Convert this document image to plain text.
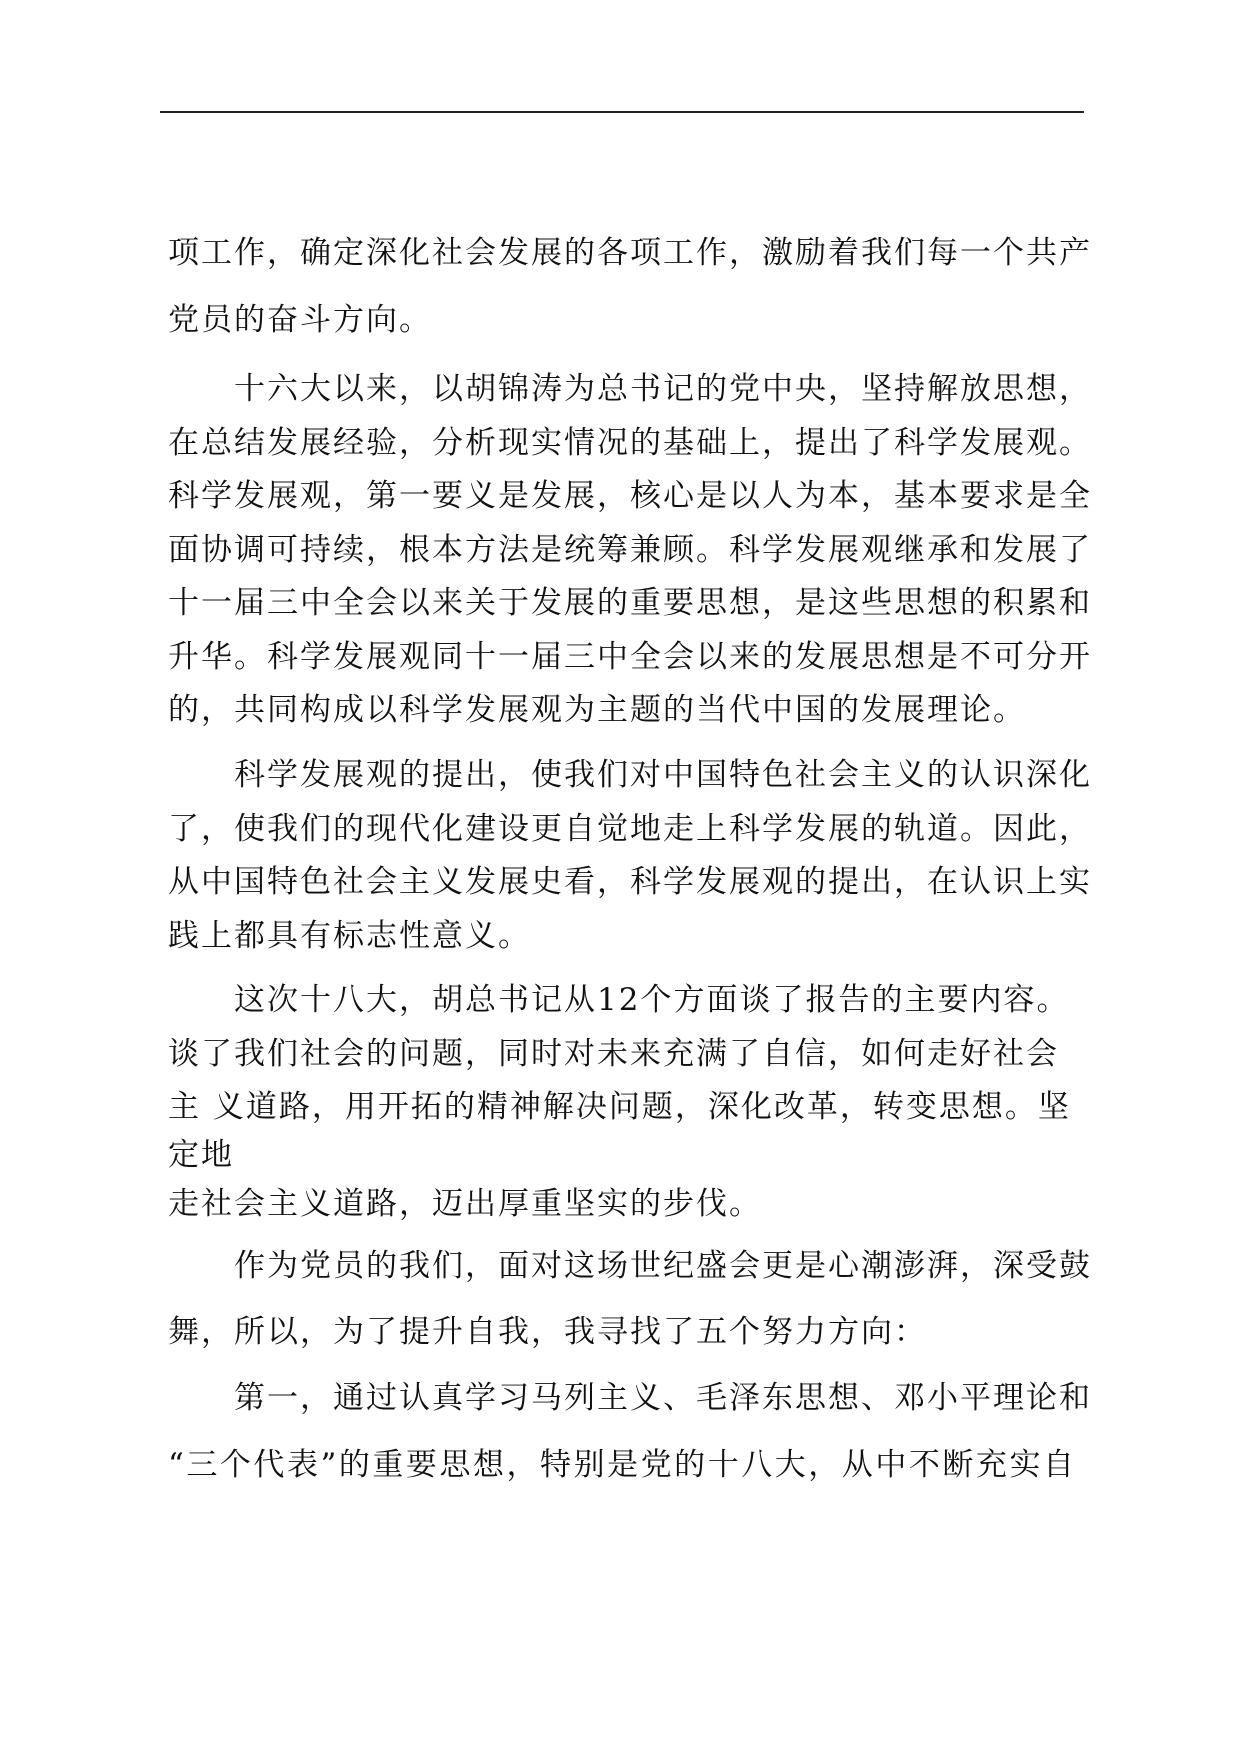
项工作，确定深化社会发展的各项工作，激励着我们每一个共产
党员的奋斗方向。
十六大以来，以胡锦涛为总书记的党中央，坚持解放思想，
在总结发展经验，分析现实情况的基础上，提出了科学发展观。
科学发展观，第一要义是发展，核心是以人为本，基本要求是全
面协调可持续，根本方法是统筹兼顾。科学发展观继承和发展了
十一届三中全会以来关于发展的重要思想，是这些思想的积累和
升华。科学发展观同十一届三中全会以来的发展思想是不可分开
的，共同构成以科学发展观为主题的当代中国的发展理论。
科学发展观的提出，使我们对中国特色社会主义的认识深化
了，使我们的现代化建设更自觉地走上科学发展的轨道。因此，
从中国特色社会主义发展史看，科学发展观的提出，在认识上实
践上都具有标志性意义。
这次十八大，胡总书记从12个方面谈了报告的主要内容。
谈了我们社会的问题，同时对未来充满了自信，如何走好社会
主 义道路，用开拓的精神解决问题，深化改革，转变思想。坚
定地
走社会主义道路，迈出厚重坚实的步伐。
作为党员的我们，面对这场世纪盛会更是心潮澎湃，深受鼓
舞，所以，为了提升自我，我寻找了五个努力方向：
第一，通过认真学习马列主义、毛泽东思想、邓小平理论和
“三个代表”的重要思想，特别是党的十八大，从中不断充实自
